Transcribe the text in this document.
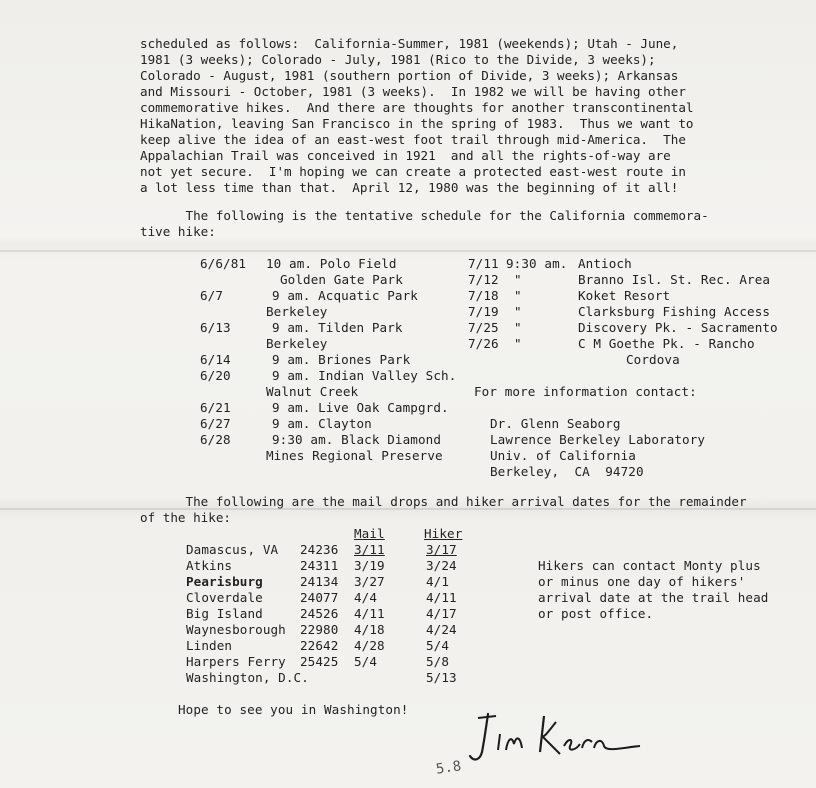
scheduled as follows:  California-Summer, 1981 (weekends); Utah - June,
1981 (3 weeks); Colorado - July, 1981 (Rico to the Divide, 3 weeks);
Colorado - August, 1981 (southern portion of Divide, 3 weeks); Arkansas
and Missouri - October, 1981 (3 weeks).  In 1982 we will be having other
commemorative hikes.  And there are thoughts for another transcontinental
HikaNation, leaving San Francisco in the spring of 1983.  Thus we want to
keep alive the idea of an east-west foot trail through mid-America.  The
Appalachian Trail was conceived in 1921  and all the rights-of-way are
not yet secure.  I'm hoping we can create a protected east-west route in
a lot less time than that.  April 12, 1980 was the beginning of it all!
The following is the tentative schedule for the California commemora-
tive hike:
6/6/81 10 am. Polo Field
Golden Gate Park
6/7	9 am. Acquatic Park
Berkeley
6/13	9 am. Tilden Park
Berkeley
6/14	9 am. Briones Park
6/20	9 am. Indian Valley Sch.
Walnut Creek
6/21	9 am. Live Oak Campgrd.
6/27	9 am. Clayton
6/28	9:30 am. Black Diamond
Mines Regional Preserve
7/11 9:30 am. Antioch
7/12 "	Branno Isl. St. Rec. Area
7/18 "	Koket Resort
7/19 "	Clarksburg Fishing Access
7/25 "	Discovery Pk. - Sacramento
7/26 "	C M Goethe Pk. - Rancho
Cordova
For more information contact:
Dr. Glenn Seaborg
Lawrence Berkeley Laboratory
Univ. of California
Berkeley,  CA  94720
The following are the mail drops and hiker arrival dates for the remainder
of the hike:
Mail	Hiker
Damascus, VA 24236 3/11	3/17
Atkins	24311 3/19	3/24
Pearisburg	24134 3/27	4/1
Cloverdale	24077 4/4	4/11
Big Island	24526 4/11	4/17
Waynesborough 22980 4/18	4/24
Linden	22642 4/28	5/4
Harpers Ferry 25425 5/4	5/8
Washington, D.C.	5/13
Hikers can contact Monty plus
or minus one day of hikers'
arrival date at the trail head
or post office.
Hope to see you in Washington!
5.8
